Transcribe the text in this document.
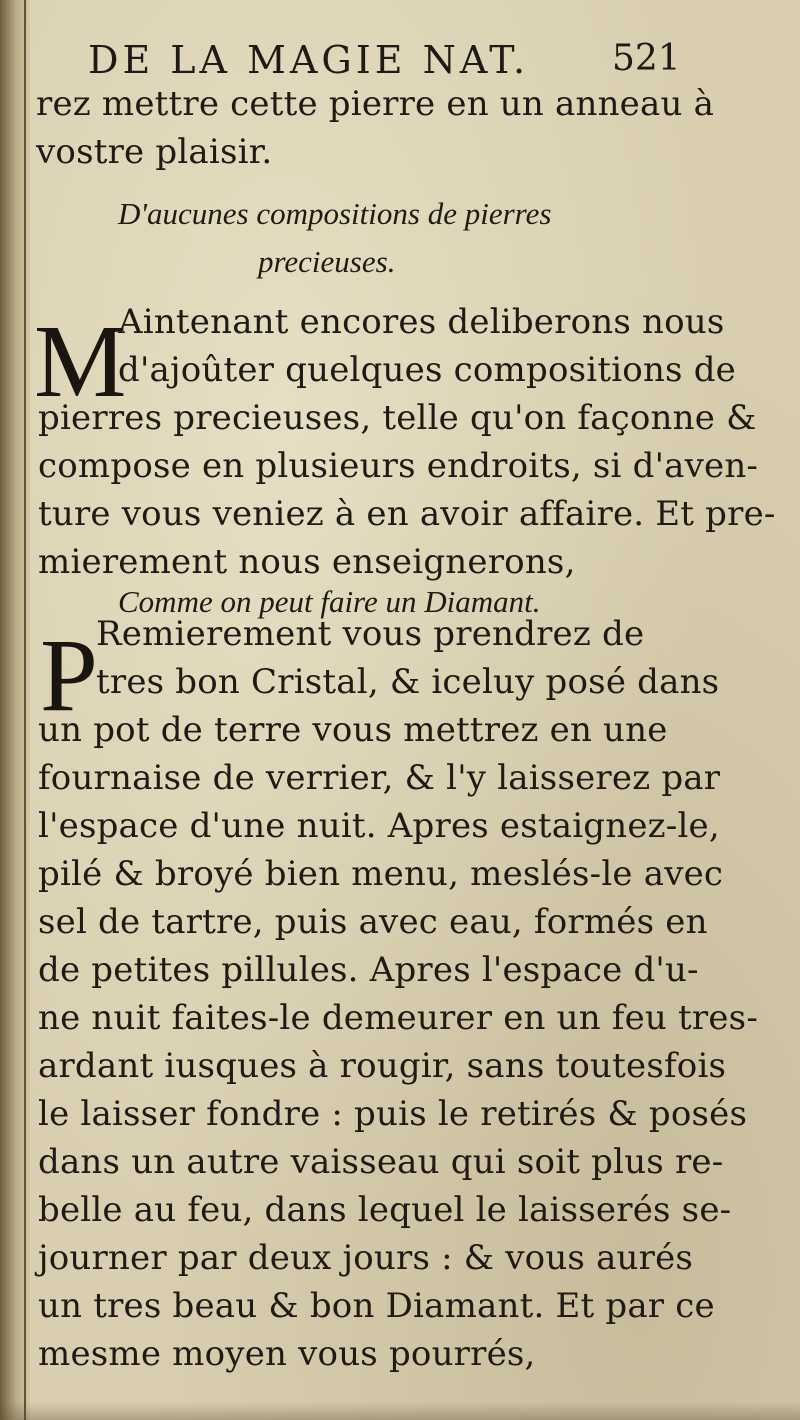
DE LA MAGIE NAT.	521
rez mettre cette pierre en un anneau à
vostre plaisir.
D'aucunes compositions de pierres
precieuses.
M
Aintenant encores deliberons nous
d'ajoûter quelques compositions de
pierres precieuses, telle qu'on façonne &
compose en plusieurs endroits, si d'aven-
ture vous veniez à en avoir affaire. Et pre-
mierement nous enseignerons,
Comme on peut faire un Diamant.
P
Remierement vous prendrez de
tres bon Cristal, & iceluy posé dans
un pot de terre vous mettrez en une
fournaise de verrier, & l'y laisserez par
l'espace d'une nuit. Apres estaignez-le,
pilé & broyé bien menu, meslés-le avec
sel de tartre, puis avec eau, formés en
de petites pillules. Apres l'espace d'u-
ne nuit faites-le demeurer en un feu tres-
ardant iusques à rougir, sans toutesfois
le laisser fondre : puis le retirés & posés
dans un autre vaisseau qui soit plus re-
belle au feu, dans lequel le laisserés se-
journer par deux jours : & vous aurés
un tres beau & bon Diamant. Et par ce
mesme moyen vous pourrés,
